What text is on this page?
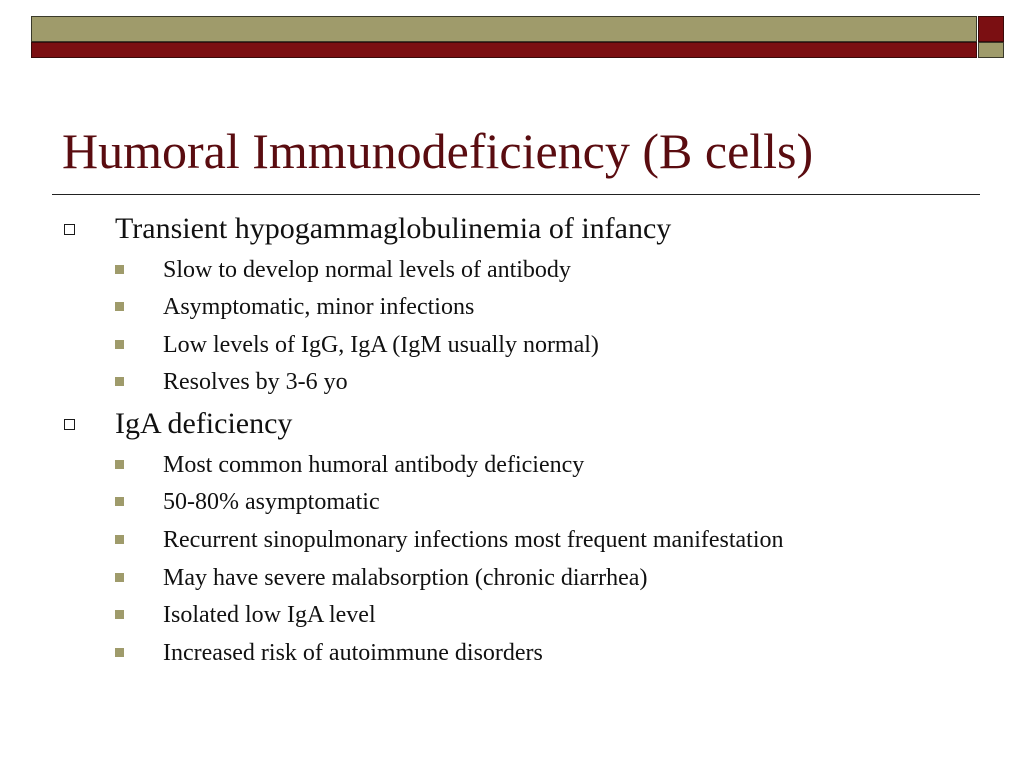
Humoral Immunodeficiency (B cells)
Transient hypogammaglobulinemia of infancy
Slow to develop normal levels of antibody
Asymptomatic, minor infections
Low levels of IgG, IgA (IgM usually normal)
Resolves by 3-6 yo
IgA deficiency
Most common humoral antibody deficiency
50-80% asymptomatic
Recurrent sinopulmonary infections most frequent manifestation
May have severe malabsorption (chronic diarrhea)
Isolated low IgA level
Increased risk of autoimmune disorders
